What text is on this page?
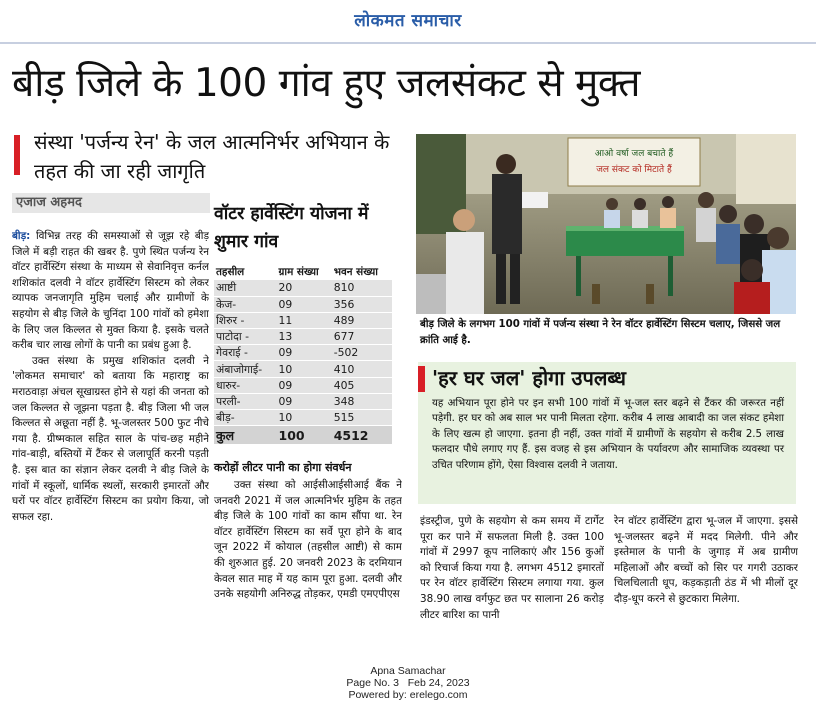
लोकमत समाचार
बीड़ जिले के 100 गांव हुए जलसंकट से मुक्त
संस्था 'पर्जन्य रेन' के जल आत्मनिर्भर अभियान के तहत की जा रही जागृति
एजाज अहमद

बीड़: विभिन्न तरह की समस्याओं से जूझ रहे बीड़ जिले में बड़ी राहत की खबर है. पुणे स्थित पर्जन्य रेन वॉटर हार्वेस्टिंग संस्था के माध्यम से सेवानिवृत्त कर्नल शशिकांत दलवी ने वॉटर हार्वेस्टिंग सिस्टम को लेकर व्यापक जनजागृति मुहिम चलाई और ग्रामीणों के सहयोग से बीड़ जिले के चुनिंदा 100 गांवों को हमेशा के लिए जल किल्लत से मुक्त किया है. इसके चलते करीब चार लाख लोगों के पानी का प्रबंध हुआ है.

उक्त संस्था के प्रमुख शशिकांत दलवी ने 'लोकमत समाचार' को बताया कि महाराष्ट्र का मराठवाड़ा अंचल सूखाग्रस्त होने से यहां की जनता को जल किल्लत से जूझना पड़ता है. बीड़ जिला भी जल किल्लत से अछूता नहीं है. भू-जलस्तर 500 फुट नीचे गया है. ग्रीष्मकाल सहित साल के पांच-छह महीने गांव-बाड़ी, बस्तियों में टैंकर से जलापूर्ति करनी पड़ती है. इस बात का संज्ञान लेकर दलवी ने बीड़ जिले के गांवों में स्कूलों, धार्मिक स्थलों, सरकारी इमारतों और घरों पर वॉटर हार्वेस्टिंग सिस्टम का प्रयोग किया, जो सफल रहा.

वॉटर हार्वेस्टिंग योजना में शुमार गांव
तहसील	ग्राम संख्या	भवन संख्या
आष्टी	20	810
केज-	09	356
शिरुर -	11	489
पाटोदा -	13	677
गेवराई -	09	-502
अंबाजोगाई-	10	410
धारुर-	09	405
परली-	09	348
बीड़-	10	515
कुल	100	4512
करोड़ों लीटर पानी का होगा संवर्धन

उक्त संस्था को आईसीआईसीआई बैंक ने जनवरी 2021 में जल आत्मनिर्भर मुहिम के तहत बीड़ जिले के 100 गांवों का काम सौंपा था. रेन वॉटर हार्वेस्टिंग सिस्टम का सर्वे पूरा होने के बाद जून 2022 में कोयाल (तहसील आष्टी) से काम की शुरुआत हुई. 20 जनवरी 2023 के दरमियान केवल सात माह में यह काम पूरा हुआ. दलवी और उनके सहयोगी अनिरुद्ध तोड़कर, एमडी एमएपीएस

आओ वर्षा जल बचाते हैं
जल संकट को मिटाते हैं
बीड़ जिले के लगभग 100 गांवों में पर्जन्य संस्था ने रेन वॉटर हार्वेस्टिंग सिस्टम चलाए, जिससे जल क्रांति आई है.
'हर घर जल' होगा उपलब्ध
यह अभियान पूरा होने पर इन सभी 100 गांवों में भू-जल स्तर बढ़ने से टैंकर की जरूरत नहीं पड़ेगी. हर घर को अब साल भर पानी मिलता रहेगा. करीब 4 लाख आबादी का जल संकट हमेशा के लिए खत्म हो जाएगा. इतना ही नहीं, उक्त गांवों में ग्रामीणों के सहयोग से करीब 2.5 लाख फलदार पौधे लगाए गए हैं. इस वजह से इस अभियान के पर्यावरण और सामाजिक व्यवस्था पर उचित परिणाम होंगे, ऐसा विश्वास दलवी ने जताया.

इंडस्ट्रीज, पुणे के सहयोग से कम समय में टार्गेट पूरा कर पाने में सफलता मिली है. उक्त 100 गांवों में 2997 कूप नालिकाएं और 156 कुओं को रिचार्ज किया गया है. लगभग 4512 इमारतों पर रेन वॉटर हार्वेस्टिंग सिस्टम लगाया गया. कुल 38.90 लाख वर्गफुट छत पर सालाना 26 करोड़ लीटर बारिश का पानी

रेन वॉटर हार्वेस्टिंग द्वारा भू-जल में जाएगा. इससे भू-जलस्तर बढ़ने में मदद मिलेगी. पीने और इस्तेमाल के पानी के जुगाड़ में अब ग्रामीण महिलाओं और बच्चों को सिर पर गगरी उठाकर चिलचिलाती धूप, कड़कड़ाती ठंड में भी मीलों दूर दौड़-धूप करने से छुटकारा मिलेगा.

Apna Samachar
Page No. 3   Feb 24, 2023
Powered by: erelego.com
